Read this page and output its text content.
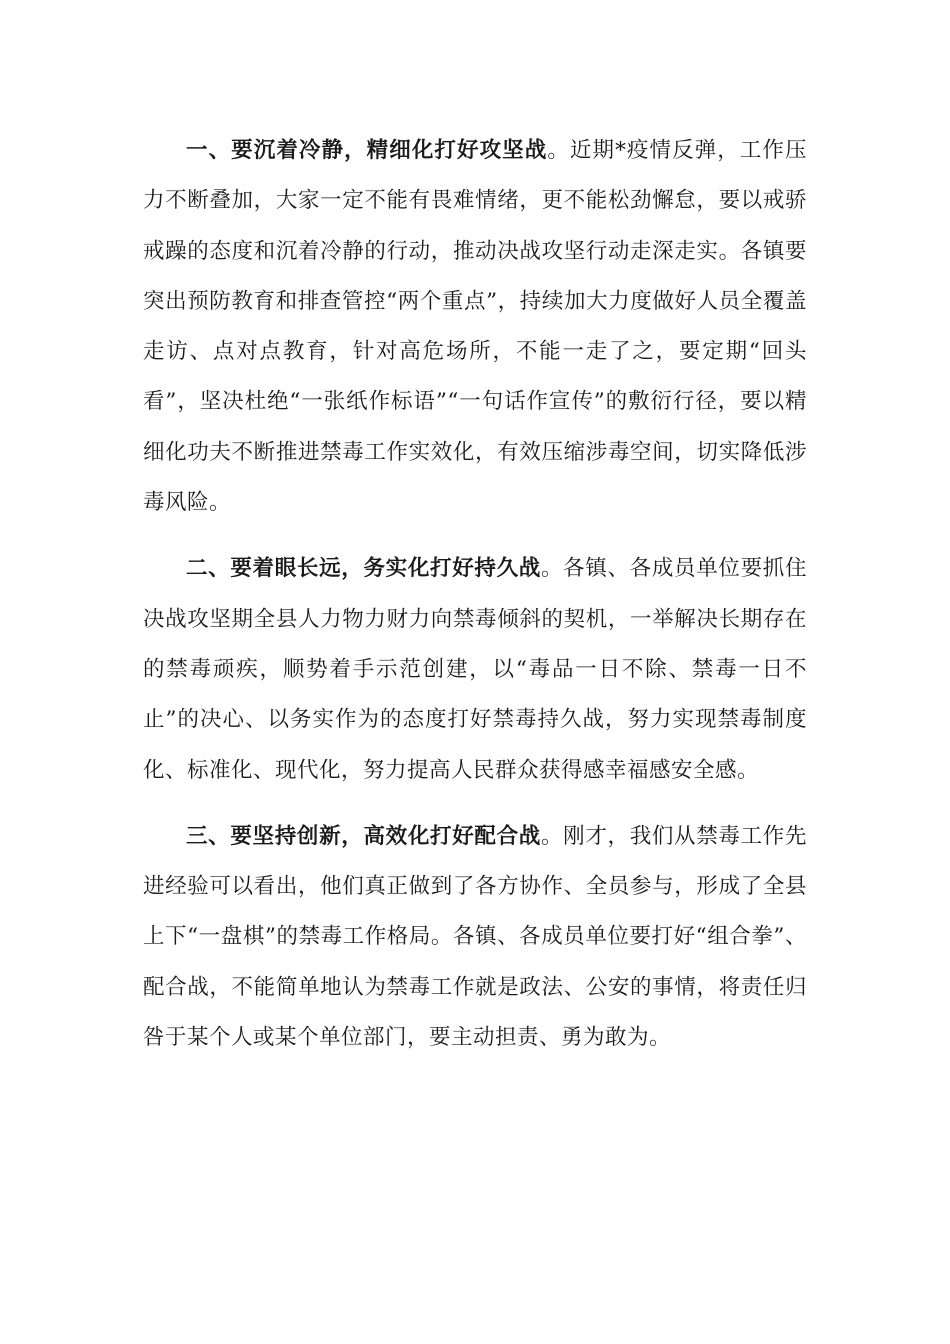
一、要沉着冷静，精细化打好攻坚战。近期*疫情反弹，工作压力不断叠加，大家一定不能有畏难情绪，更不能松劲懈怠，要以戒骄戒躁的态度和沉着冷静的行动，推动决战攻坚行动走深走实。各镇要突出预防教育和排查管控“两个重点”，持续加大力度做好人员全覆盖走访、点对点教育，针对高危场所，不能一走了之，要定期“回头看”，坚决杜绝“一张纸作标语”“一句话作宣传”的敷衍行径，要以精细化功夫不断推进禁毒工作实效化，有效压缩涉毒空间，切实降低涉毒风险。

二、要着眼长远，务实化打好持久战。各镇、各成员单位要抓住决战攻坚期全县人力物力财力向禁毒倾斜的契机，一举解决长期存在的禁毒顽疾，顺势着手示范创建，以“毒品一日不除、禁毒一日不止”的决心、以务实作为的态度打好禁毒持久战，努力实现禁毒制度化、标准化、现代化，努力提高人民群众获得感幸福感安全感。

三、要坚持创新，高效化打好配合战。刚才，我们从禁毒工作先进经验可以看出，他们真正做到了各方协作、全员参与，形成了全县上下“一盘棋”的禁毒工作格局。各镇、各成员单位要打好“组合拳”、配合战，不能简单地认为禁毒工作就是政法、公安的事情，将责任归咎于某个人或某个单位部门，要主动担责、勇为敢为。
